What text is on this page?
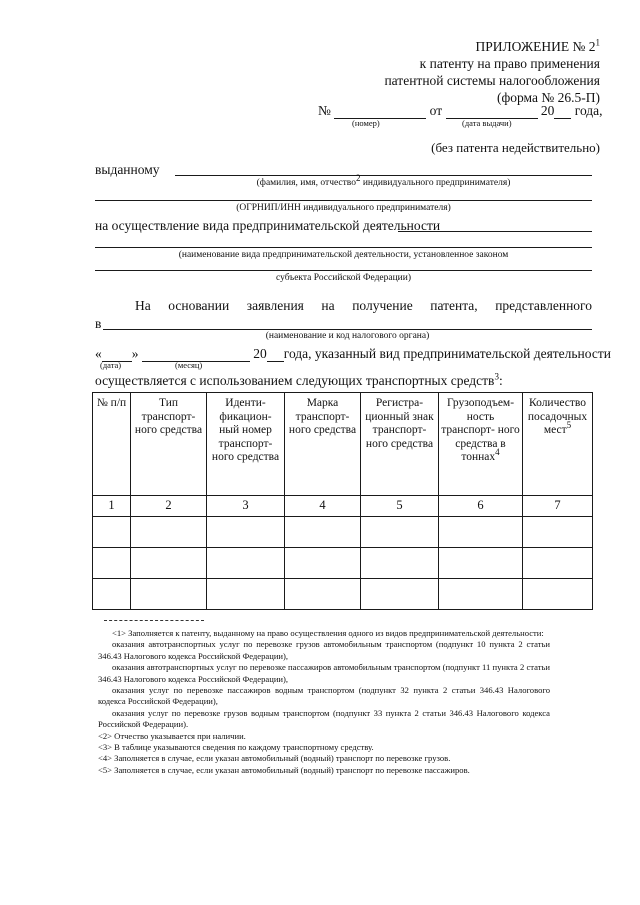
ПРИЛОЖЕНИЕ № 2$^1$
к патенту на право применения
патентной системы налогообложения
(форма № 26.5-П)
№	от	20 года,
(номер)	(дата выдачи)
(без патента недействительно)
выданному
(фамилия, имя, отчество$^2$ индивидуального предпринимателя)
(ОГРНИП/ИНН индивидуального предпринимателя)
на осуществление вида предпринимательской деятельности
(наименование вида предпринимательской деятельности, установленное законом
субъекта Российской Федерации)
На основании заявления на получение патента, представленного
в
(наименование и код налогового органа)
« »	20 года, указанный вид предпринимательской деятельности
(дата)	(месяц)
осуществляется с использованием следующих транспортных средств$^3$:
№ п/п	Тип транспорт- ного средства	Иденти- фикацион- ный номер транспорт- ного средства	Марка транспорт- ного средства	Регистра- ционный знак транспорт- ного средства	Грузоподъем- ность транспорт- ного средства в тоннах$^4$	Количество посадочных мест$^5$
1	2	3	4	5	6	7

<1> Заполняется к патенту, выданному на право осуществления одного из видов предпринимательской деятельности:

оказания автотранспортных услуг по перевозке грузов автомобильным транспортом (подпункт 10 пункта 2 статьи 346.43 Налогового кодекса Российской Федерации),

оказания автотранспортных услуг по перевозке пассажиров автомобильным транспортом (подпункт 11 пункта 2 статьи 346.43 Налогового кодекса Российской Федерации),

оказания услуг по перевозке пассажиров водным транспортом (подпункт 32 пункта 2 статьи 346.43 Налогового кодекса Российской Федерации),

оказания услуг по перевозке грузов водным транспортом (подпункт 33 пункта 2 статьи 346.43 Налогового кодекса Российской Федерации).

<2> Отчество указывается при наличии.

<3> В таблице указываются сведения по каждому транспортному средству.

<4> Заполняется в случае, если указан автомобильный (водный) транспорт по перевозке грузов.

<5> Заполняется в случае, если указан автомобильный (водный) транспорт по перевозке пассажиров.
